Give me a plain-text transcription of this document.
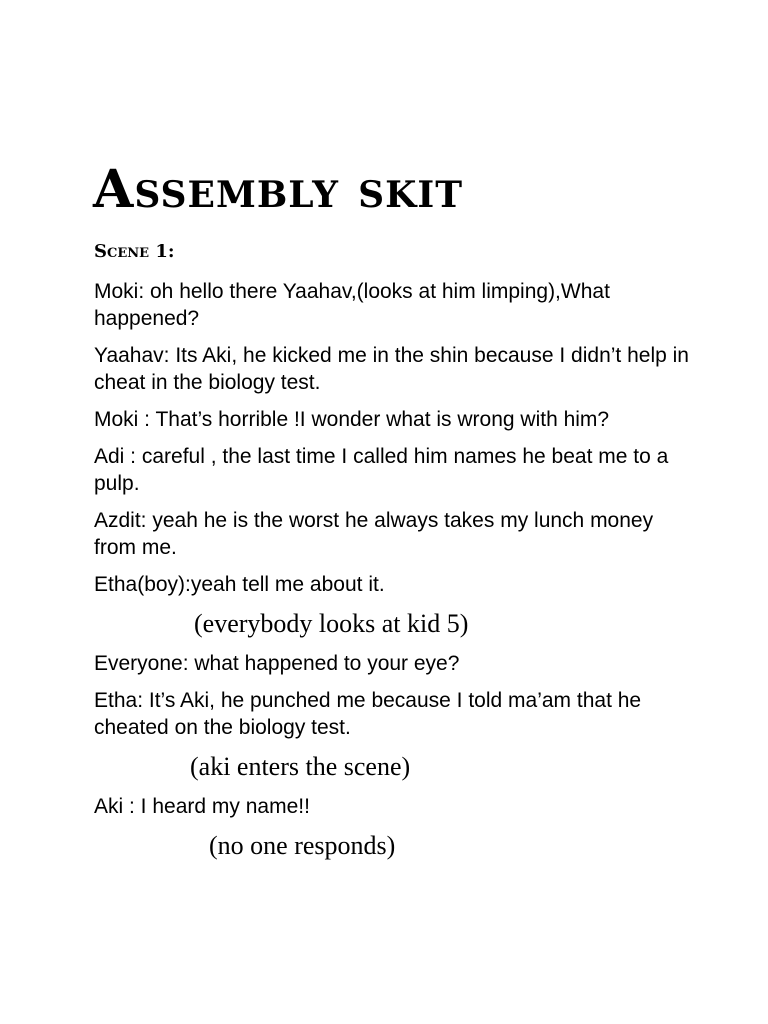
Assembly skit
Scene 1:

Moki: oh hello there Yaahav,(looks at him limping),What happened?

Yaahav: Its Aki, he kicked me in the shin because I didn’t help in cheat in the biology test.

Moki : That’s horrible !I wonder what is wrong with him?

Adi : careful , the last time I called him names he beat me to a pulp.

Azdit: yeah he is the worst he always takes my lunch money from me.

Etha(boy):yeah tell me about it.

(everybody looks at kid 5)

Everyone: what happened to your eye?

Etha: It’s Aki, he punched me because I told ma’am that he cheated on the biology test.

(aki enters the scene)

Aki : I heard my name!!

(no one responds)
